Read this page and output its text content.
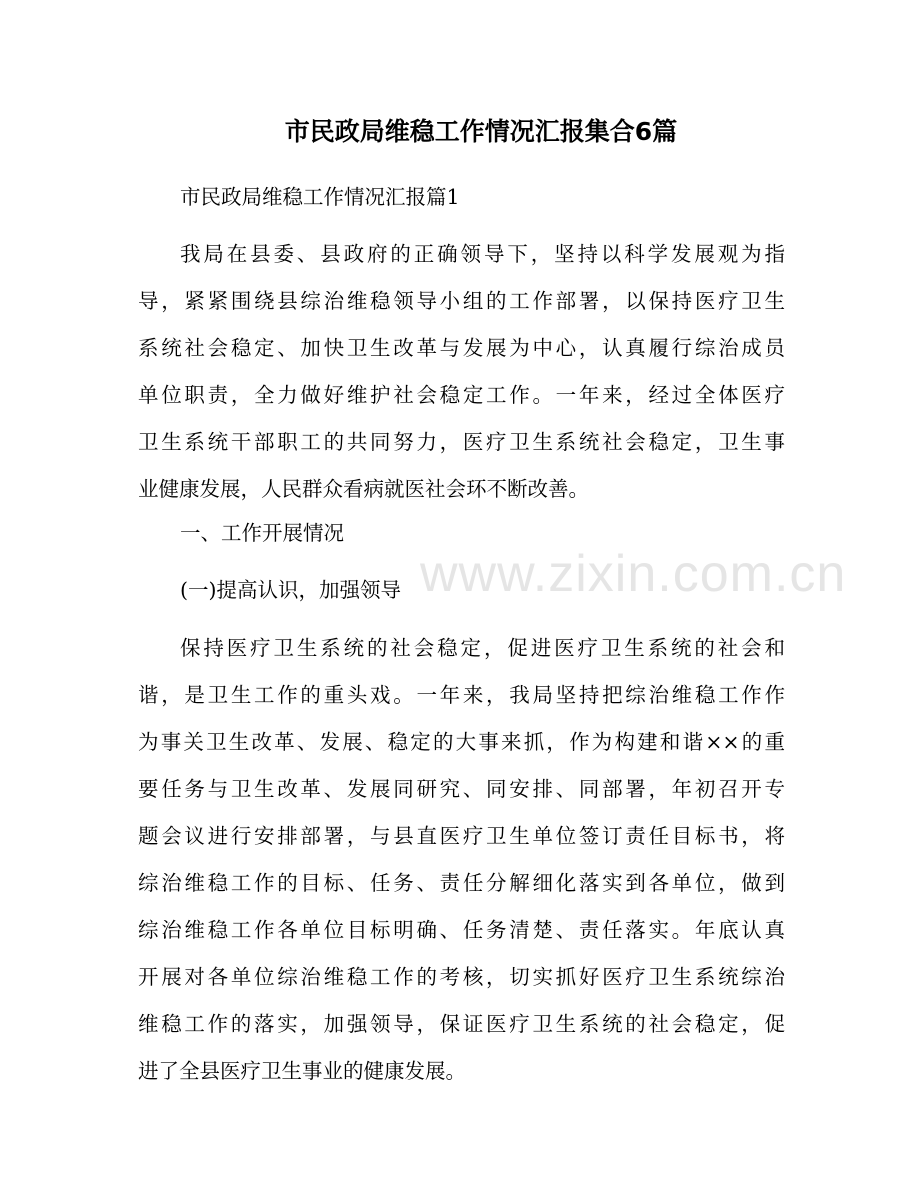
www.zixin.com.cn
市民政局维稳工作情况汇报集合6篇
市民政局维稳工作情况汇报篇1
我局在县委、县政府的正确领导下，坚持以科学发展观为指
导，紧紧围绕县综治维稳领导小组的工作部署，以保持医疗卫生
系统社会稳定、加快卫生改革与发展为中心，认真履行综治成员
单位职责，全力做好维护社会稳定工作。一年来，经过全体医疗
卫生系统干部职工的共同努力，医疗卫生系统社会稳定，卫生事
业健康发展，人民群众看病就医社会环不断改善。
一、工作开展情况
(一)提高认识，加强领导
保持医疗卫生系统的社会稳定，促进医疗卫生系统的社会和
谐，是卫生工作的重头戏。一年来，我局坚持把综治维稳工作作
为事关卫生改革、发展、稳定的大事来抓，作为构建和谐××的重
要任务与卫生改革、发展同研究、同安排、同部署，年初召开专
题会议进行安排部署，与县直医疗卫生单位签订责任目标书，将
综治维稳工作的目标、任务、责任分解细化落实到各单位，做到
综治维稳工作各单位目标明确、任务清楚、责任落实。年底认真
开展对各单位综治维稳工作的考核，切实抓好医疗卫生系统综治
维稳工作的落实，加强领导，保证医疗卫生系统的社会稳定，促
进了全县医疗卫生事业的健康发展。
